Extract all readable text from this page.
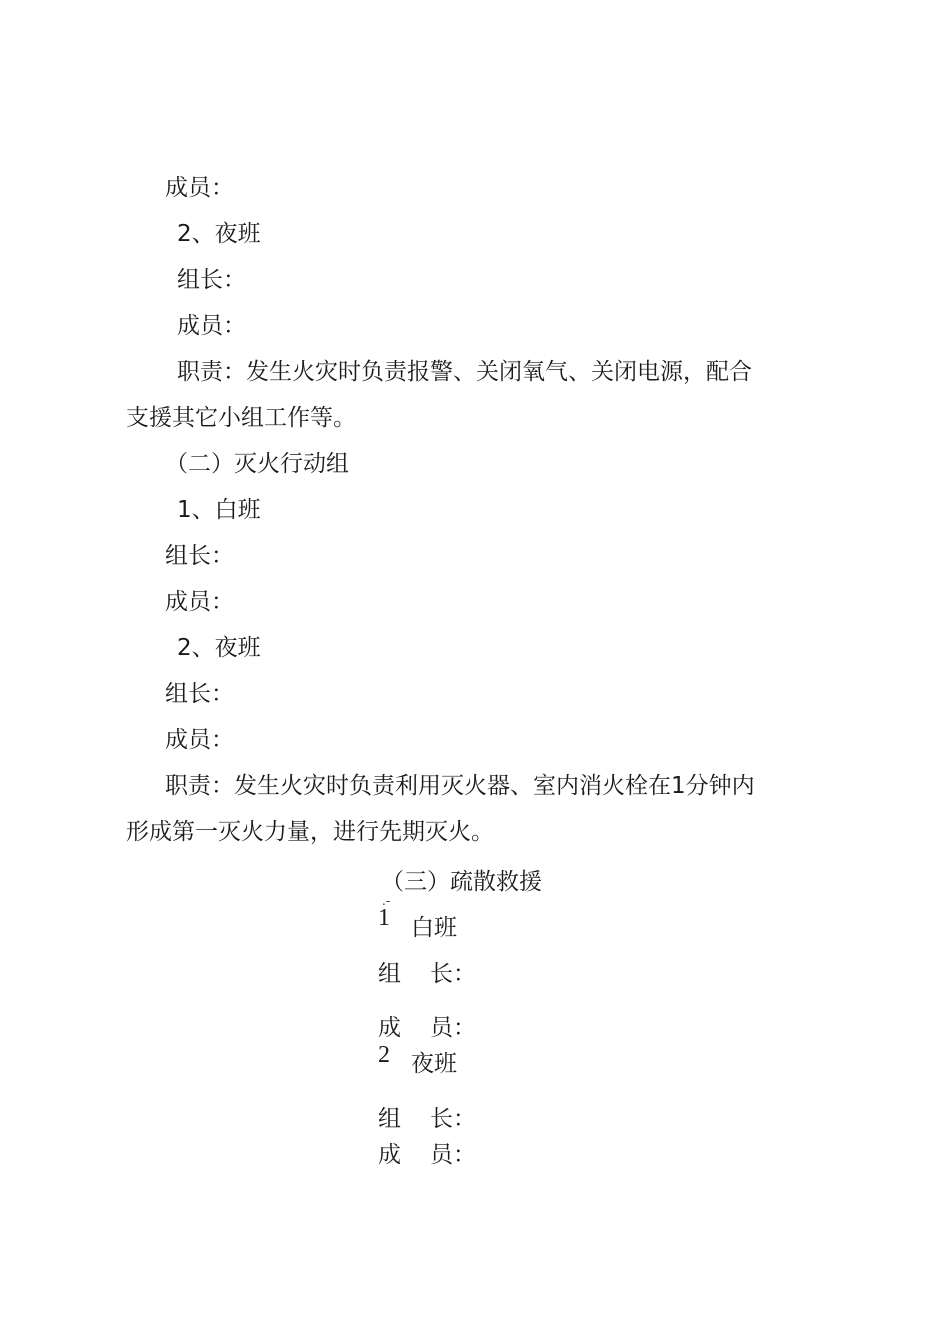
成员：
2、夜班
组长：
成员：
职责：发生火灾时负责报警、关闭氧气、关闭电源，配合
支援其它小组工作等。
（二）灭火行动组
1、白班
组长：
成员：
2、夜班
组长：
成员：
职责：发生火灾时负责利用灭火器、室内消火栓在1分钟内
形成第一灭火力量，进行先期灭火。
（三）疏散救援
.-
1 白班
组 长：
成 员：
2 夜班
组 长：
成 员：
